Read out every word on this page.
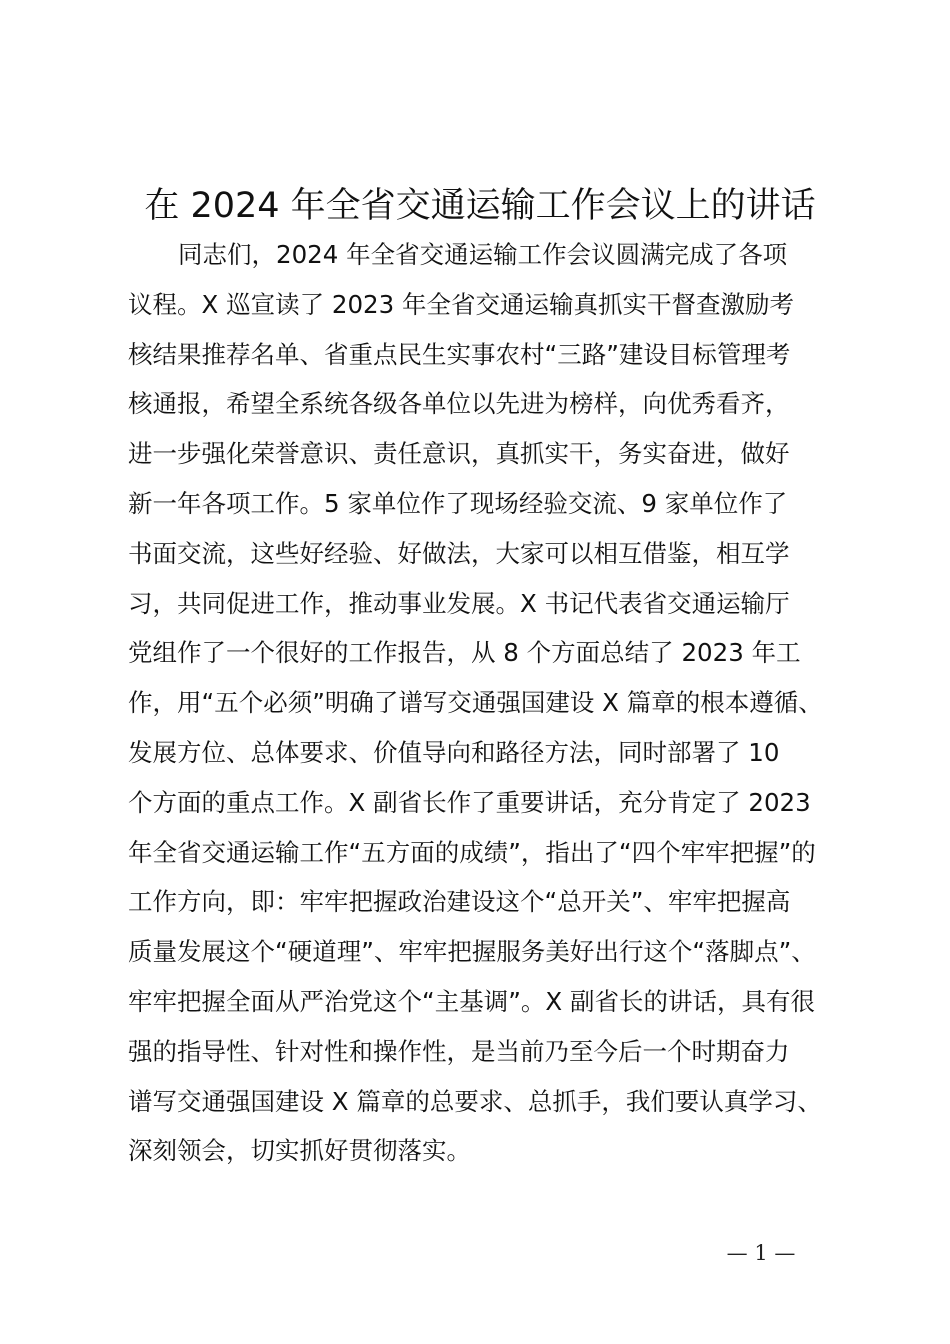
在 2024 年全省交通运输工作会议上的讲话
同志们，2024 年全省交通运输工作会议圆满完成了各项
议程。X 巡宣读了 2023 年全省交通运输真抓实干督查激励考
核结果推荐名单、省重点民生实事农村“三路”建设目标管理考
核通报，希望全系统各级各单位以先进为榜样，向优秀看齐，
进一步强化荣誉意识、责任意识，真抓实干，务实奋进，做好
新一年各项工作。5 家单位作了现场经验交流、9 家单位作了
书面交流，这些好经验、好做法，大家可以相互借鉴，相互学
习，共同促进工作，推动事业发展。X 书记代表省交通运输厅
党组作了一个很好的工作报告，从 8 个方面总结了 2023 年工
作，用“五个必须”明确了谱写交通强国建设 X 篇章的根本遵循、
发展方位、总体要求、价值导向和路径方法，同时部署了 10
个方面的重点工作。X 副省长作了重要讲话，充分肯定了 2023
年全省交通运输工作“五方面的成绩”，指出了“四个牢牢把握”的
工作方向，即：牢牢把握政治建设这个“总开关”、牢牢把握高
质量发展这个“硬道理”、牢牢把握服务美好出行这个“落脚点”、
牢牢把握全面从严治党这个“主基调”。X 副省长的讲话，具有很
强的指导性、针对性和操作性，是当前乃至今后一个时期奋力
谱写交通强国建设 X 篇章的总要求、总抓手，我们要认真学习、
深刻领会，切实抓好贯彻落实。
— 1 —
